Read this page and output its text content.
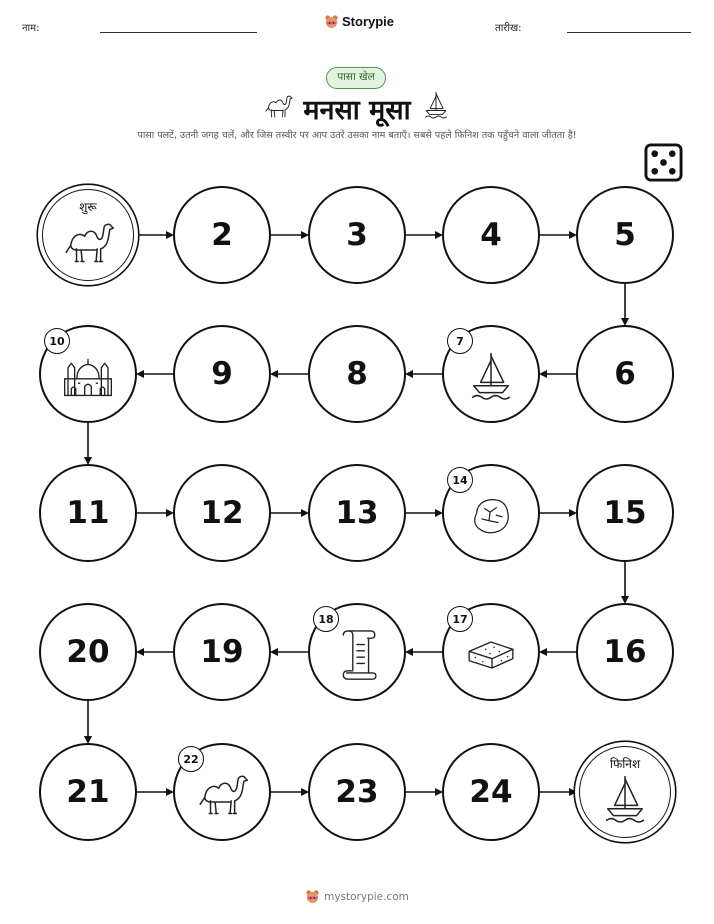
नाम:	Storypie	तारीख:
पासा खेल
मनसा मूसा
पासा पलटें, उतनी जगह चलें, और जिस तस्वीर पर आप उतरें उसका नाम बताएँ। सबसे पहले फिनिश तक पहुँचने वाला जीतता है!
शुरू
2	3	4	5
6
7
8
9
10
11	12	13
14
15
16
17
18
19
20
21
22
23	24
फिनिश
mystorypie.com
